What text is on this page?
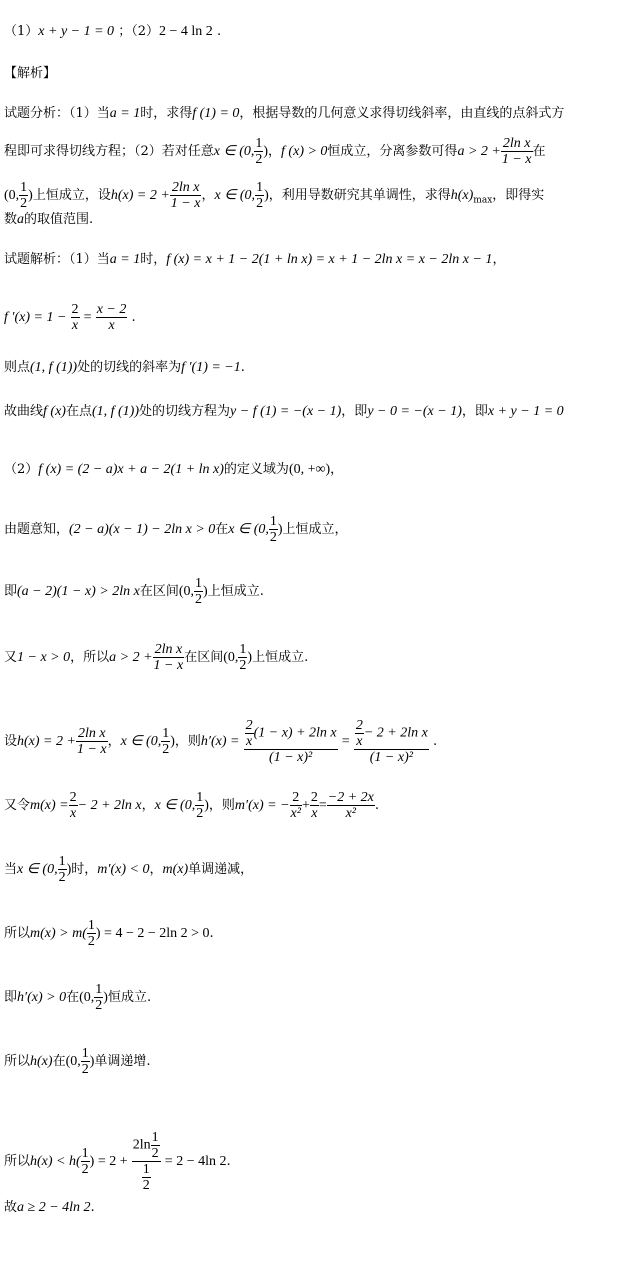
（1）x + y − 1 = 0 ；（2）2 − 4 ln 2 .
【解析】
试题分析：（1）当a = 1时，求得f (1) = 0，根据导数的几何意义求得切线斜率，由直线的点斜式方
程即可求得切线方程；（2）若对任意x ∈ (0, $\frac{1}{2}$ )，f (x) > 0恒成立，分离参数可得$a > 2 + \frac{\text{2ln x}}{1 - x}$ 在
(0, $\frac{1}{2}$ )上恒成立，设$h(x) = 2 + \frac{\text{2ln x}}{1 - x}$ ，x ∈ (0, $\frac{1}{2}$ )，利用导数研究其单调性，求得$h(x)_{max}$，即得实
数a的取值范围.
试题解析：（1）当a = 1时，f (x) = x + 1 − 2(1 + ln x) = x + 1 − 2ln x = x − 2ln x − 1，
f $'(x) = 1 - \frac{2}{x} = \frac{x - 2}{x}$ .
则点(1, f (1))处的切线的斜率为f ′(1) = −1.
故曲线f (x)在点(1, f (1))处的切线方程为y − f (1) = −(x − 1)，即y − 0 = −(x − 1)，即x + y − 1 = 0
（2）f (x) = (2 − a)x + a − 2(1 + ln x)的定义域为(0, +∞)，
由题意知，(2 − a)(x − 1) − 2ln x > 0在x ∈ (0, $\frac{1}{2}$ )上恒成立，
即(a − 2)(1 − x) > 2ln x在区间(0, $\frac{1}{2}$ )上恒成立.
又1 − x > 0，所以$a > 2 + \frac{\text{2ln x}}{1 - x}$ 在区间(0, $\frac{1}{2}$ )上恒成立.
设$h(x) = 2 + \frac{\text{2ln x}}{1 - x}$ ，x ∈ (0, $\frac{1}{2}$ )，则$h'(x) = \frac{\frac{2}{x} (1 - x) + 2\ln x}{\text{(1 − x)²}} = \frac{\frac{2}{x} - 2 + 2\ln x}{\text{(1 − x)²}}$ .
又令$m(x) = \frac{2}{x} - 2 + 2\ln$ x，x ∈ (0, $\frac{1}{2}$ )，则m′(x) = − $\frac{2}{\text{x²}} + \frac{2}{x} = \frac{-2 + 2x}{\text{x²}}$ .
当x ∈ (0, $\frac{1}{2}$ )时，m′(x) < 0，m(x)单调递减，
所以$m(x) > m( \frac{1}{2}$ ) = 4 − 2 − 2ln 2 > 0.
即h′(x) > 0在(0, $\frac{1}{2}$ )恒成立.
所以h(x)在(0, $\frac{1}{2}$ )单调递增.
所以$h(x) < h( \frac{1}{2}$ ) = $2 + \frac{2\ln \frac{1}{2}}{\frac{1}{2}} = 2 - 4\ln$ 2.
故a ≥ 2 − 4ln 2.
